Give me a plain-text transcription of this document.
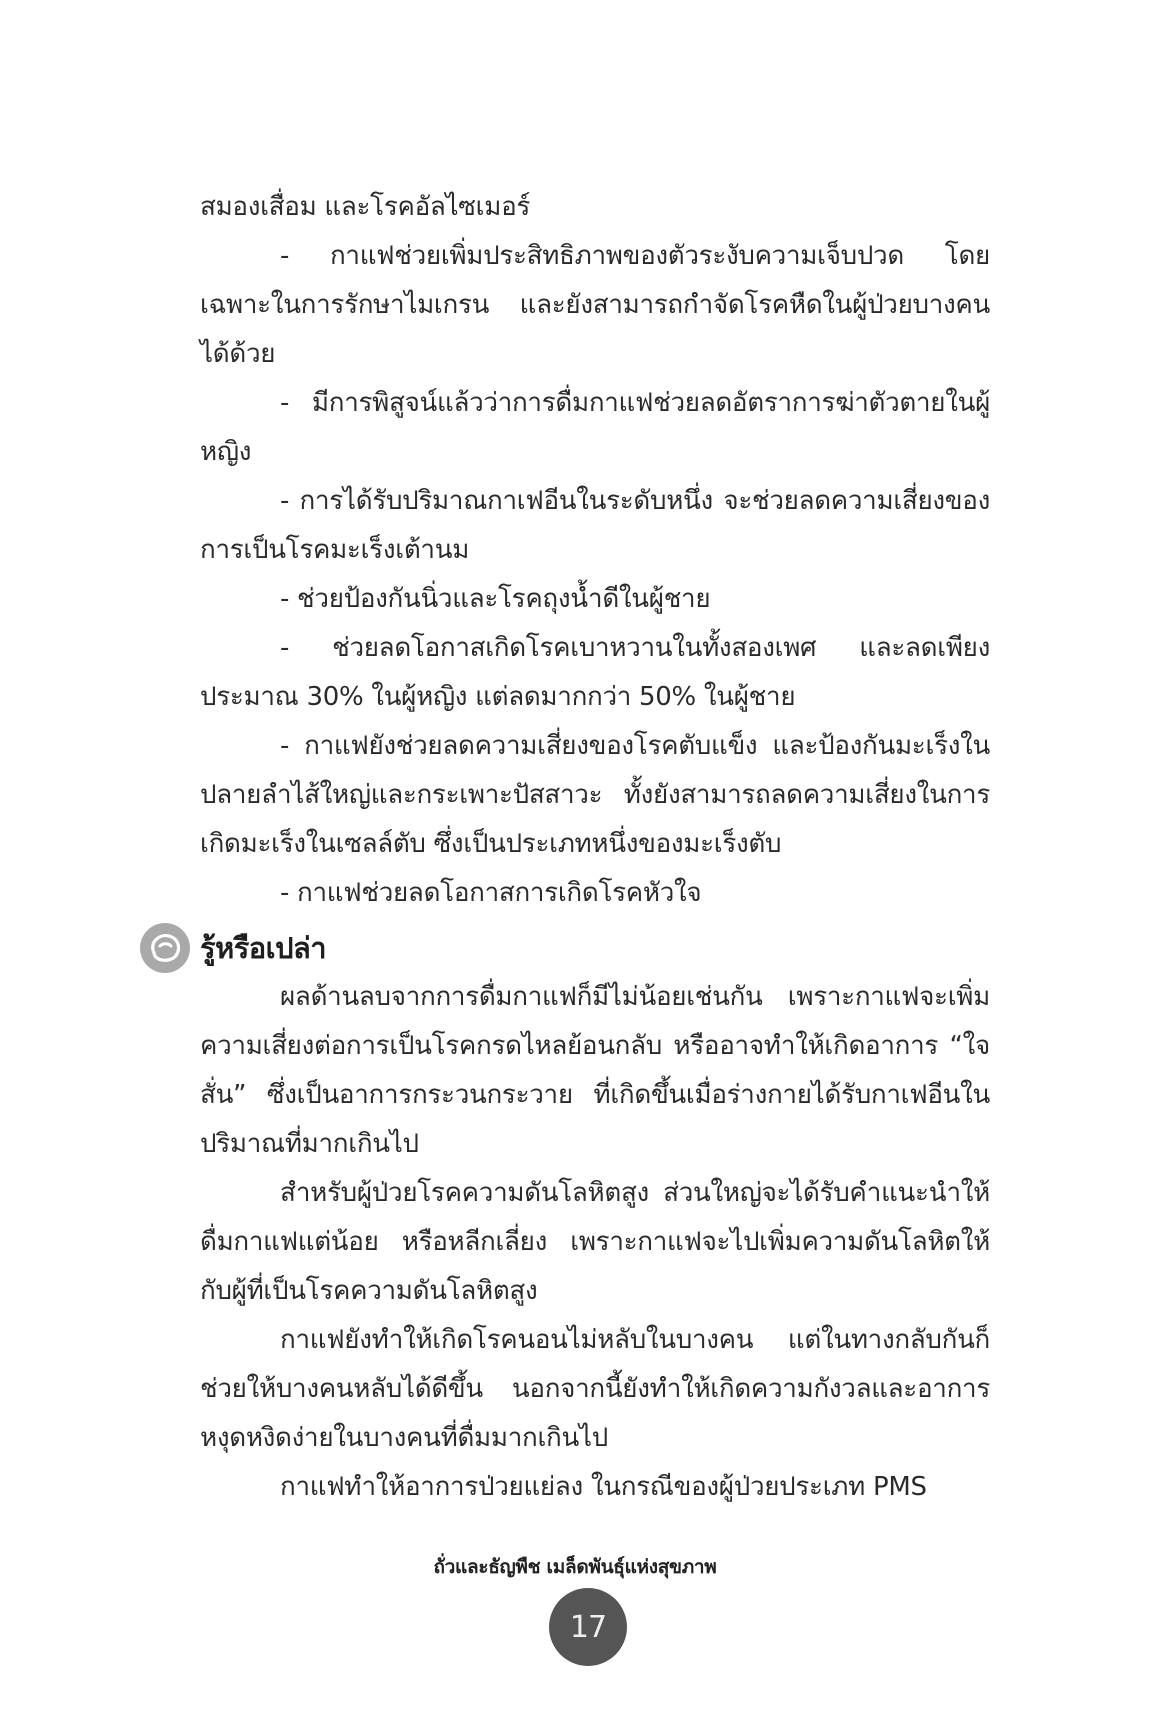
สมองเสื่อม และโรคอัลไซเมอร์

- กาแฟช่วยเพิ่มประสิทธิภาพของตัวระงับความเจ็บปวด โดยเฉพาะในการรักษาไมเกรน และยังสามารถกำจัดโรคหืดในผู้ป่วยบางคนได้ด้วย

- มีการพิสูจน์แล้วว่าการดื่มกาแฟช่วยลดอัตราการฆ่าตัวตายในผู้หญิง

- การได้รับปริมาณกาเฟอีนในระดับหนึ่ง จะช่วยลดความเสี่ยงของการเป็นโรคมะเร็งเต้านม

- ช่วยป้องกันนิ่วและโรคถุงน้ำดีในผู้ชาย

- ช่วยลดโอกาสเกิดโรคเบาหวานในทั้งสองเพศ และลดเพียงประมาณ 30% ในผู้หญิง แต่ลดมากกว่า 50% ในผู้ชาย

- กาแฟยังช่วยลดความเสี่ยงของโรคตับแข็ง และป้องกันมะเร็งในปลายลำไส้ใหญ่และกระเพาะปัสสาวะ ทั้งยังสามารถลดความเสี่ยงในการเกิดมะเร็งในเซลล์ตับ ซึ่งเป็นประเภทหนึ่งของมะเร็งตับ

- กาแฟช่วยลดโอกาสการเกิดโรคหัวใจ

รู้หรือเปล่า

ผลด้านลบจากการดื่มกาแฟก็มีไม่น้อยเช่นกัน เพราะกาแฟจะเพิ่มความเสี่ยงต่อการเป็นโรคกรดไหลย้อนกลับ หรืออาจทำให้เกิดอาการ “ใจสั่น” ซึ่งเป็นอาการกระวนกระวาย ที่เกิดขึ้นเมื่อร่างกายได้รับกาเฟอีนในปริมาณที่มากเกินไป

สำหรับผู้ป่วยโรคความดันโลหิตสูง ส่วนใหญ่จะได้รับคำแนะนำให้ดื่มกาแฟแต่น้อย หรือหลีกเลี่ยง เพราะกาแฟจะไปเพิ่มความดันโลหิตให้กับผู้ที่เป็นโรคความดันโลหิตสูง

กาแฟยังทำให้เกิดโรคนอนไม่หลับในบางคน แต่ในทางกลับกันก็ช่วยให้บางคนหลับได้ดีขึ้น นอกจากนี้ยังทำให้เกิดความกังวลและอาการหงุดหงิดง่ายในบางคนที่ดื่มมากเกินไป

กาแฟทำให้อาการป่วยแย่ลง ในกรณีของผู้ป่วยประเภท PMS

ถั่วและธัญพืช เมล็ดพันธุ์แห่งสุขภาพ
17
